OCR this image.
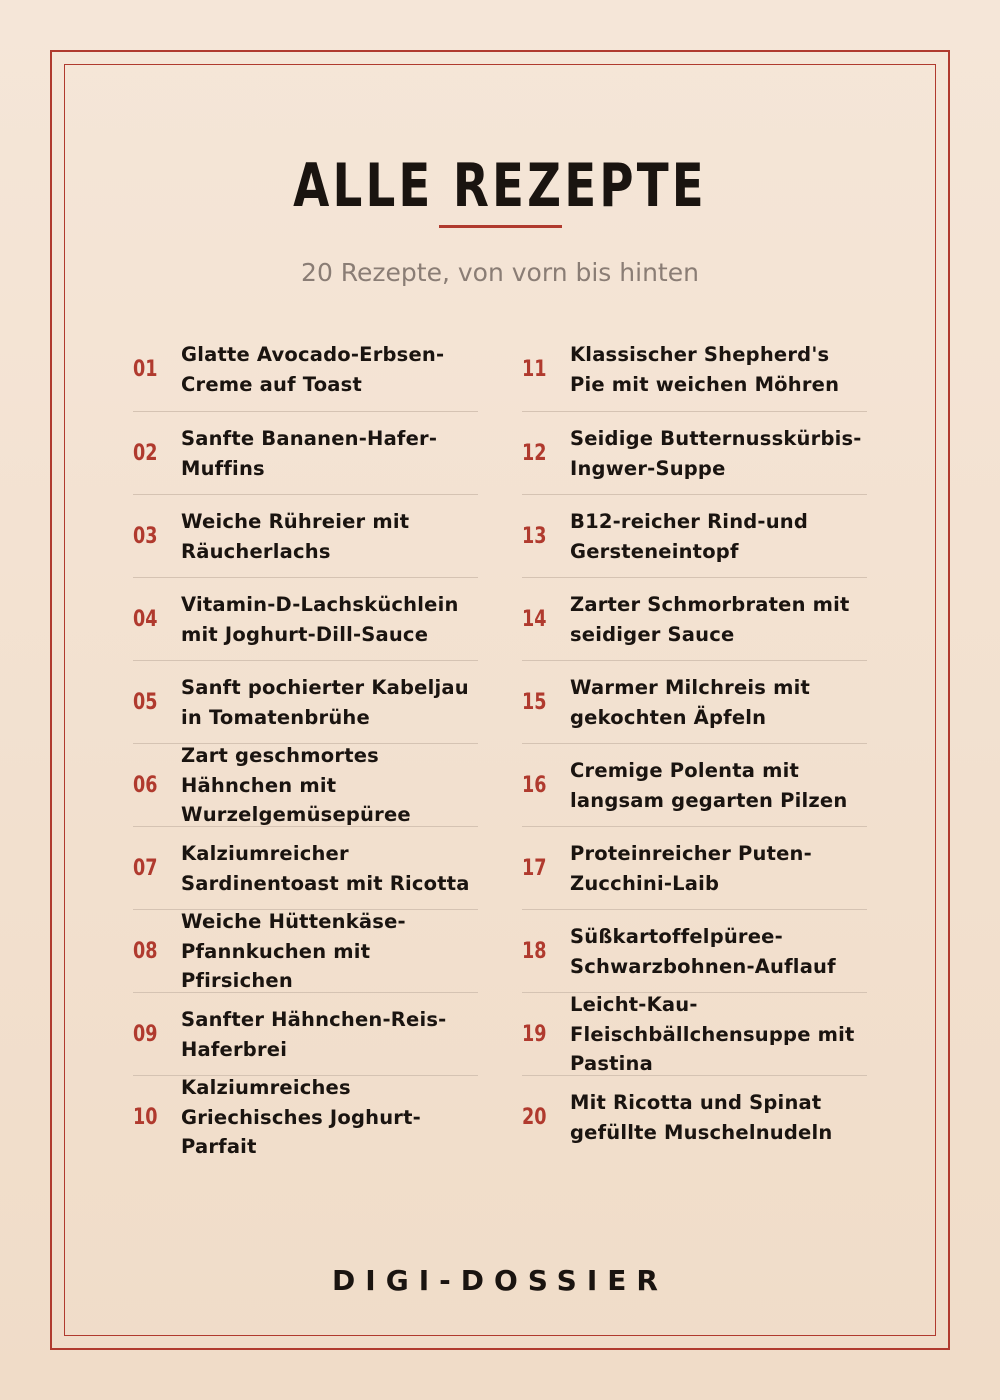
ALLE REZEPTE
20 Rezepte, von vorn bis hinten
01
Glatte Avocado-Erbsen-Creme auf Toast
02
Sanfte Bananen-Hafer-Muffins
03
Weiche Rühreier mit Räucherlachs
04
Vitamin-D-Lachsküchlein mit Joghurt-Dill-Sauce
05
Sanft pochierter Kabeljau in Tomatenbrühe
06
Zart geschmortes Hähnchen mit Wurzelgemüsepüree
07
Kalziumreicher Sardinentoast mit Ricotta
08
Weiche Hüttenkäse-Pfannkuchen mit Pfirsichen
09
Sanfter Hähnchen-Reis-Haferbrei
10
Kalziumreiches Griechisches Joghurt-Parfait
11
Klassischer Shepherd's Pie mit weichen Möhren
12
Seidige Butternusskürbis-Ingwer-Suppe
13
B12-reicher Rind-und Gersteneintopf
14
Zarter Schmorbraten mit seidiger Sauce
15
Warmer Milchreis mit gekochten Äpfeln
16
Cremige Polenta mit langsam gegarten Pilzen
17
Proteinreicher Puten-Zucchini-Laib
18
Süßkartoffelpüree-Schwarzbohnen-Auflauf
19
Leicht-Kau-Fleischbällchensuppe mit Pastina
20
Mit Ricotta und Spinat gefüllte Muschelnudeln
DIGI-DOSSIER
